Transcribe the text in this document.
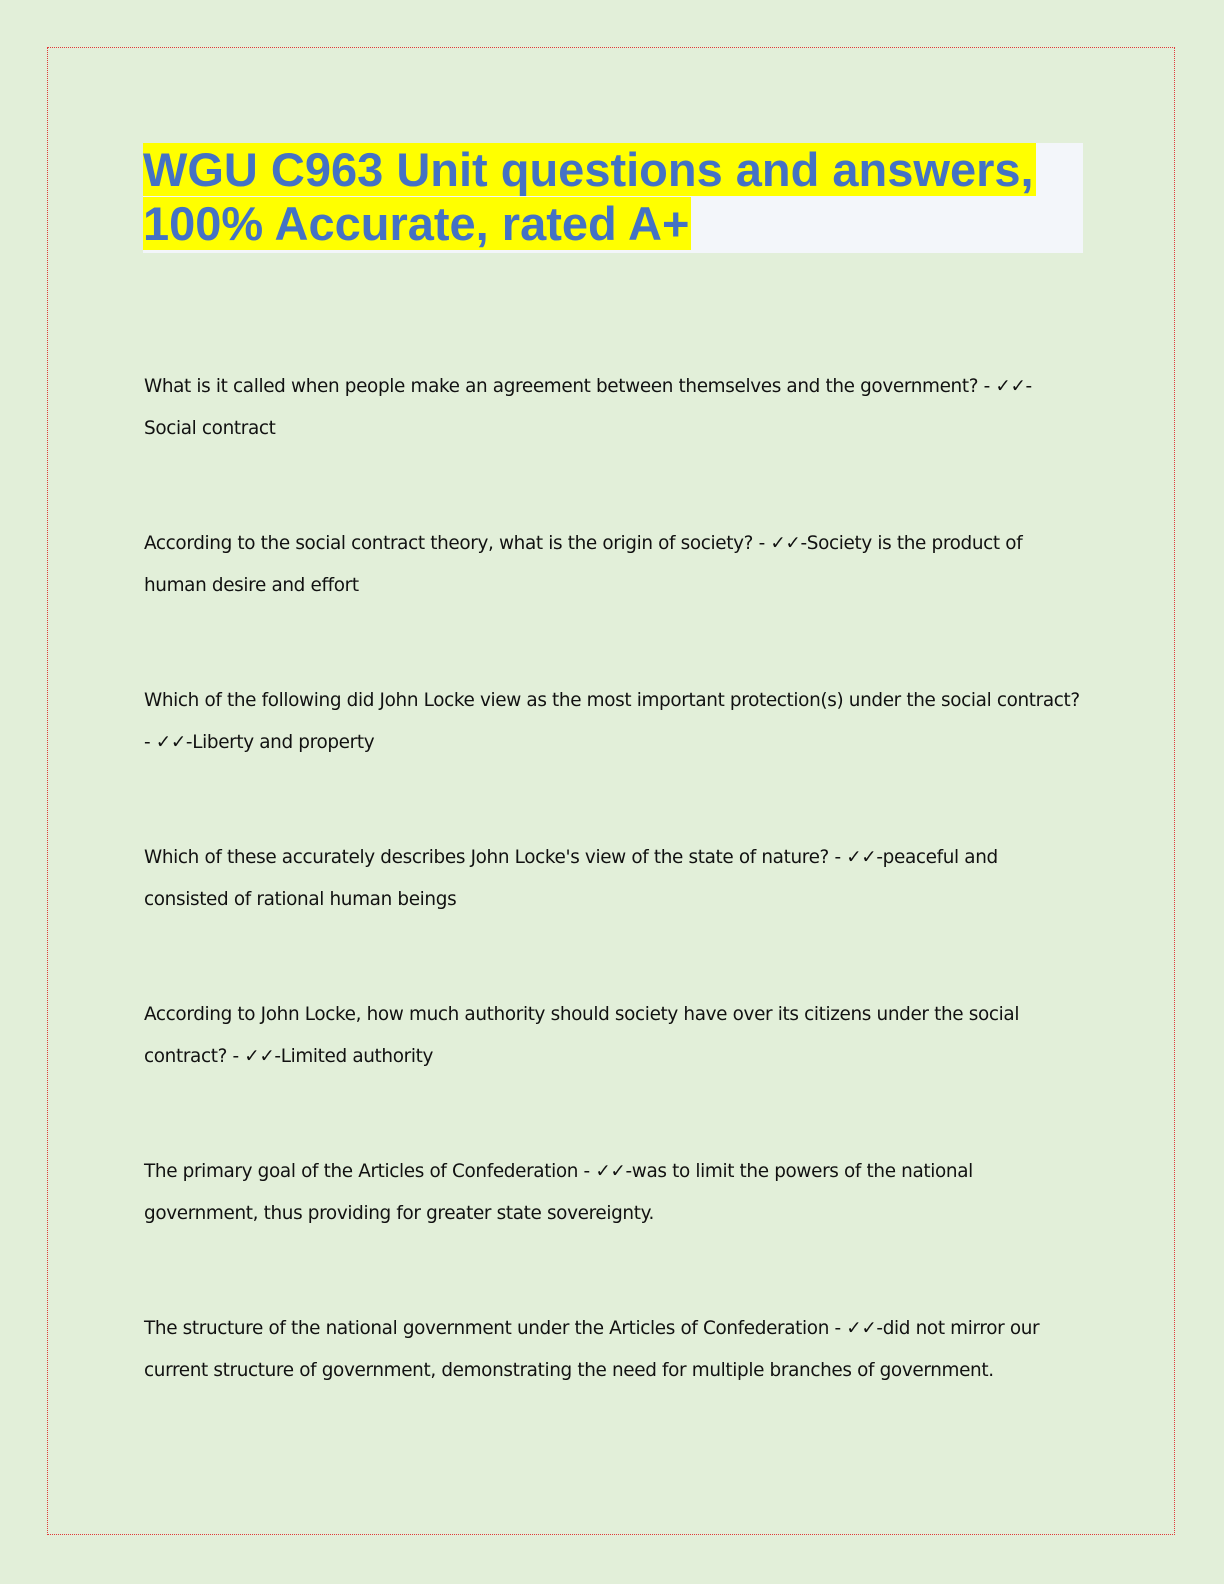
WGU C963 Unit questions and answers,
100% Accurate, rated A+
What is it called when people make an agreement between themselves and the government? - ✓✓-
Social contract
According to the social contract theory, what is the origin of society? - ✓✓-Society is the product of human desire and effort
Which of the following did John Locke view as the most important protection(s) under the social contract? - ✓✓-Liberty and property
Which of these accurately describes John Locke's view of the state of nature? - ✓✓-peaceful and consisted of rational human beings
According to John Locke, how much authority should society have over its citizens under the social contract? - ✓✓-Limited authority
The primary goal of the Articles of Confederation - ✓✓-was to limit the powers of the national government, thus providing for greater state sovereignty.
The structure of the national government under the Articles of Confederation - ✓✓-did not mirror our current structure of government, demonstrating the need for multiple branches of government.
